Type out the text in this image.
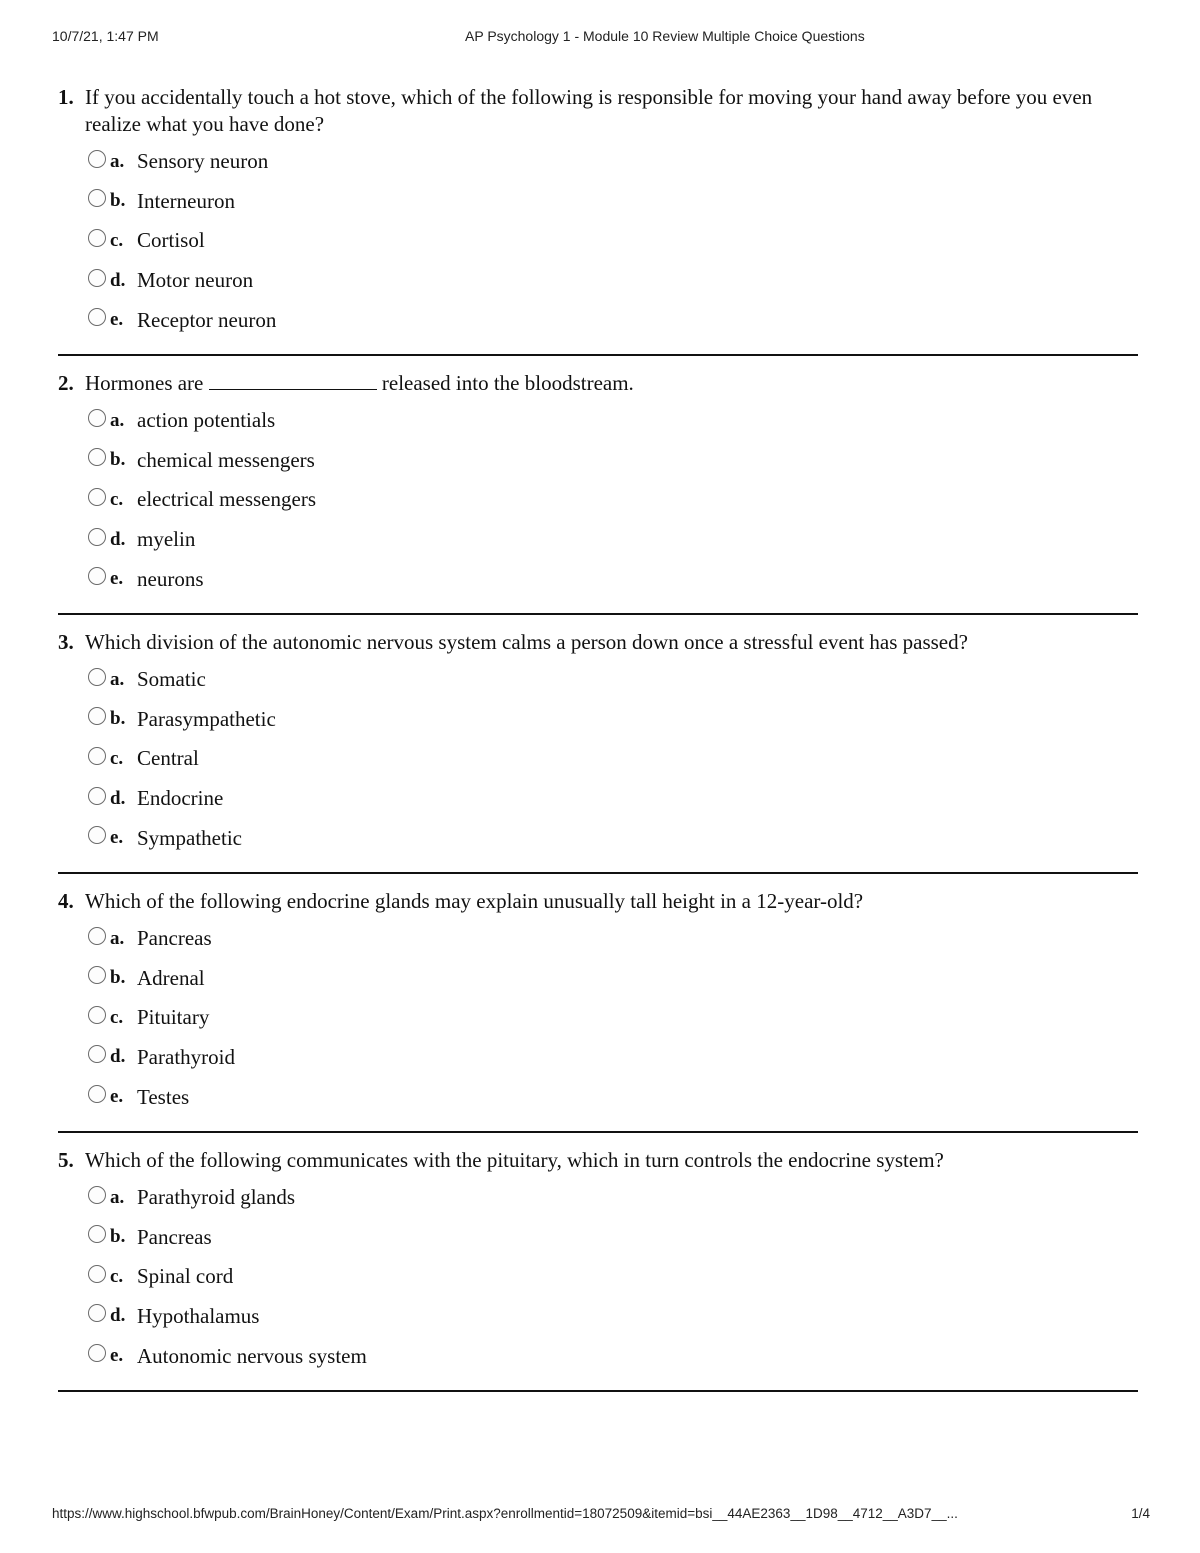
10/7/21, 1:47 PM	AP Psychology 1 - Module 10 Review Multiple Choice Questions
1. If you accidentally touch a hot stove, which of the following is responsible for moving your hand away before you even realize what you have done?
a. Sensory neuron
b. Interneuron
c. Cortisol
d. Motor neuron
e. Receptor neuron
2. Hormones are	released into the bloodstream.
a. action potentials
b. chemical messengers
c. electrical messengers
d. myelin
e. neurons
3. Which division of the autonomic nervous system calms a person down once a stressful event has passed?
a. Somatic
b. Parasympathetic
c. Central
d. Endocrine
e. Sympathetic
4. Which of the following endocrine glands may explain unusually tall height in a 12-year-old?
a. Pancreas
b. Adrenal
c. Pituitary
d. Parathyroid
e. Testes
5. Which of the following communicates with the pituitary, which in turn controls the endocrine system?
a. Parathyroid glands
b. Pancreas
c. Spinal cord
d. Hypothalamus
e. Autonomic nervous system
https://www.highschool.bfwpub.com/BrainHoney/Content/Exam/Print.aspx?enrollmentid=18072509&itemid=bsi__44AE2363__1D98__4712__A3D7__...	1/4
